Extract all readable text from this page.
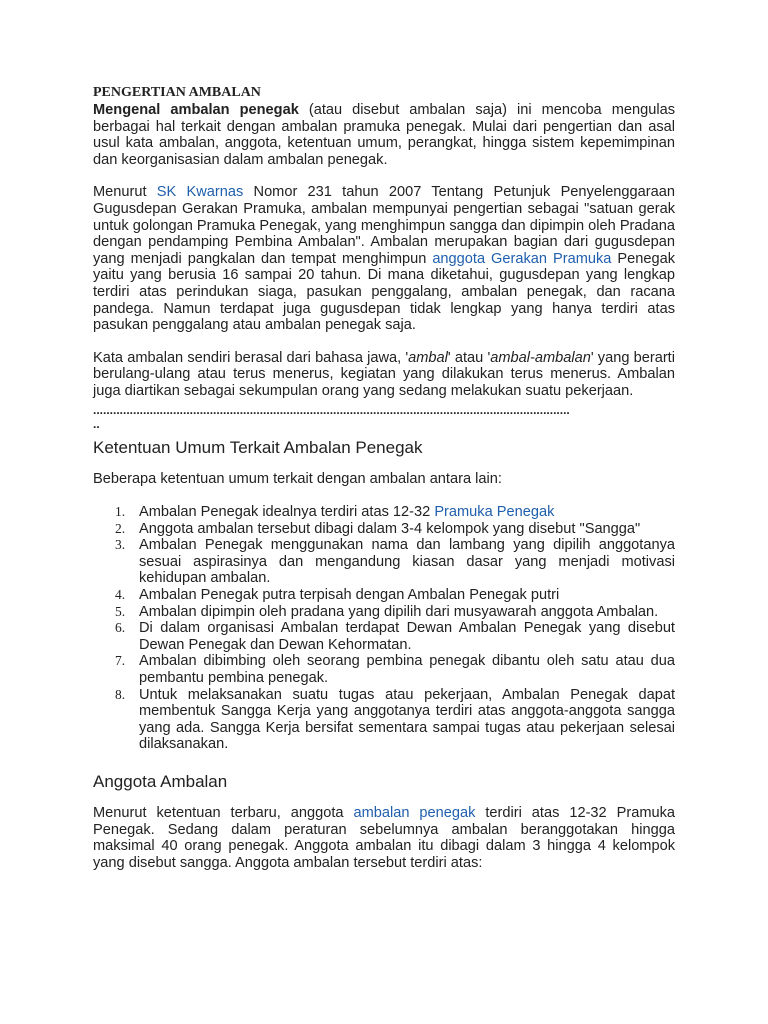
PENGERTIAN AMBALAN

Mengenal ambalan penegak (atau disebut ambalan saja) ini mencoba mengulas berbagai hal terkait dengan ambalan pramuka penegak. Mulai dari pengertian dan asal usul kata ambalan, anggota, ketentuan umum, perangkat, hingga sistem kepemimpinan dan keorganisasian dalam ambalan penegak.

Menurut SK Kwarnas Nomor 231 tahun 2007 Tentang Petunjuk Penyelenggaraan Gugusdepan Gerakan Pramuka, ambalan mempunyai pengertian sebagai "satuan gerak untuk golongan Pramuka Penegak, yang menghimpun sangga dan dipimpin oleh Pradana dengan pendamping Pembina Ambalan". Ambalan merupakan bagian dari gugusdepan yang menjadi pangkalan dan tempat menghimpun anggota Gerakan Pramuka Penegak yaitu yang berusia 16 sampai 20 tahun. Di mana diketahui, gugusdepan yang lengkap terdiri atas perindukan siaga, pasukan penggalang, ambalan penegak, dan racana pandega. Namun terdapat juga gugusdepan tidak lengkap yang hanya terdiri atas pasukan penggalang atau ambalan penegak saja.

Kata ambalan sendiri berasal dari bahasa jawa, 'ambal' atau 'ambal-ambalan' yang berarti berulang-ulang atau terus menerus, kegiatan yang dilakukan terus menerus. Ambalan juga diartikan sebagai sekumpulan orang yang sedang melakukan suatu pekerjaan.

...............................................................................................................................................
..
Ketentuan Umum Terkait Ambalan Penegak

Beberapa ketentuan umum terkait dengan ambalan antara lain:

1. Ambalan Penegak idealnya terdiri atas 12-32 Pramuka Penegak
2. Anggota ambalan tersebut dibagi dalam 3-4 kelompok yang disebut "Sangga"
3. Ambalan Penegak menggunakan nama dan lambang yang dipilih anggotanya sesuai aspirasinya dan mengandung kiasan dasar yang menjadi motivasi kehidupan ambalan.
4. Ambalan Penegak putra terpisah dengan Ambalan Penegak putri
5. Ambalan dipimpin oleh pradana yang dipilih dari musyawarah anggota Ambalan.
6. Di dalam organisasi Ambalan terdapat Dewan Ambalan Penegak yang disebut Dewan Penegak dan Dewan Kehormatan.
7. Ambalan dibimbing oleh seorang pembina penegak dibantu oleh satu atau dua pembantu pembina penegak.
8. Untuk melaksanakan suatu tugas atau pekerjaan, Ambalan Penegak dapat membentuk Sangga Kerja yang anggotanya terdiri atas anggota-anggota sangga yang ada. Sangga Kerja bersifat sementara sampai tugas atau pekerjaan selesai dilaksanakan.
Anggota Ambalan

Menurut ketentuan terbaru, anggota ambalan penegak terdiri atas 12-32 Pramuka Penegak. Sedang dalam peraturan sebelumnya ambalan beranggotakan hingga maksimal 40 orang penegak. Anggota ambalan itu dibagi dalam 3 hingga 4 kelompok yang disebut sangga. Anggota ambalan tersebut terdiri atas:
